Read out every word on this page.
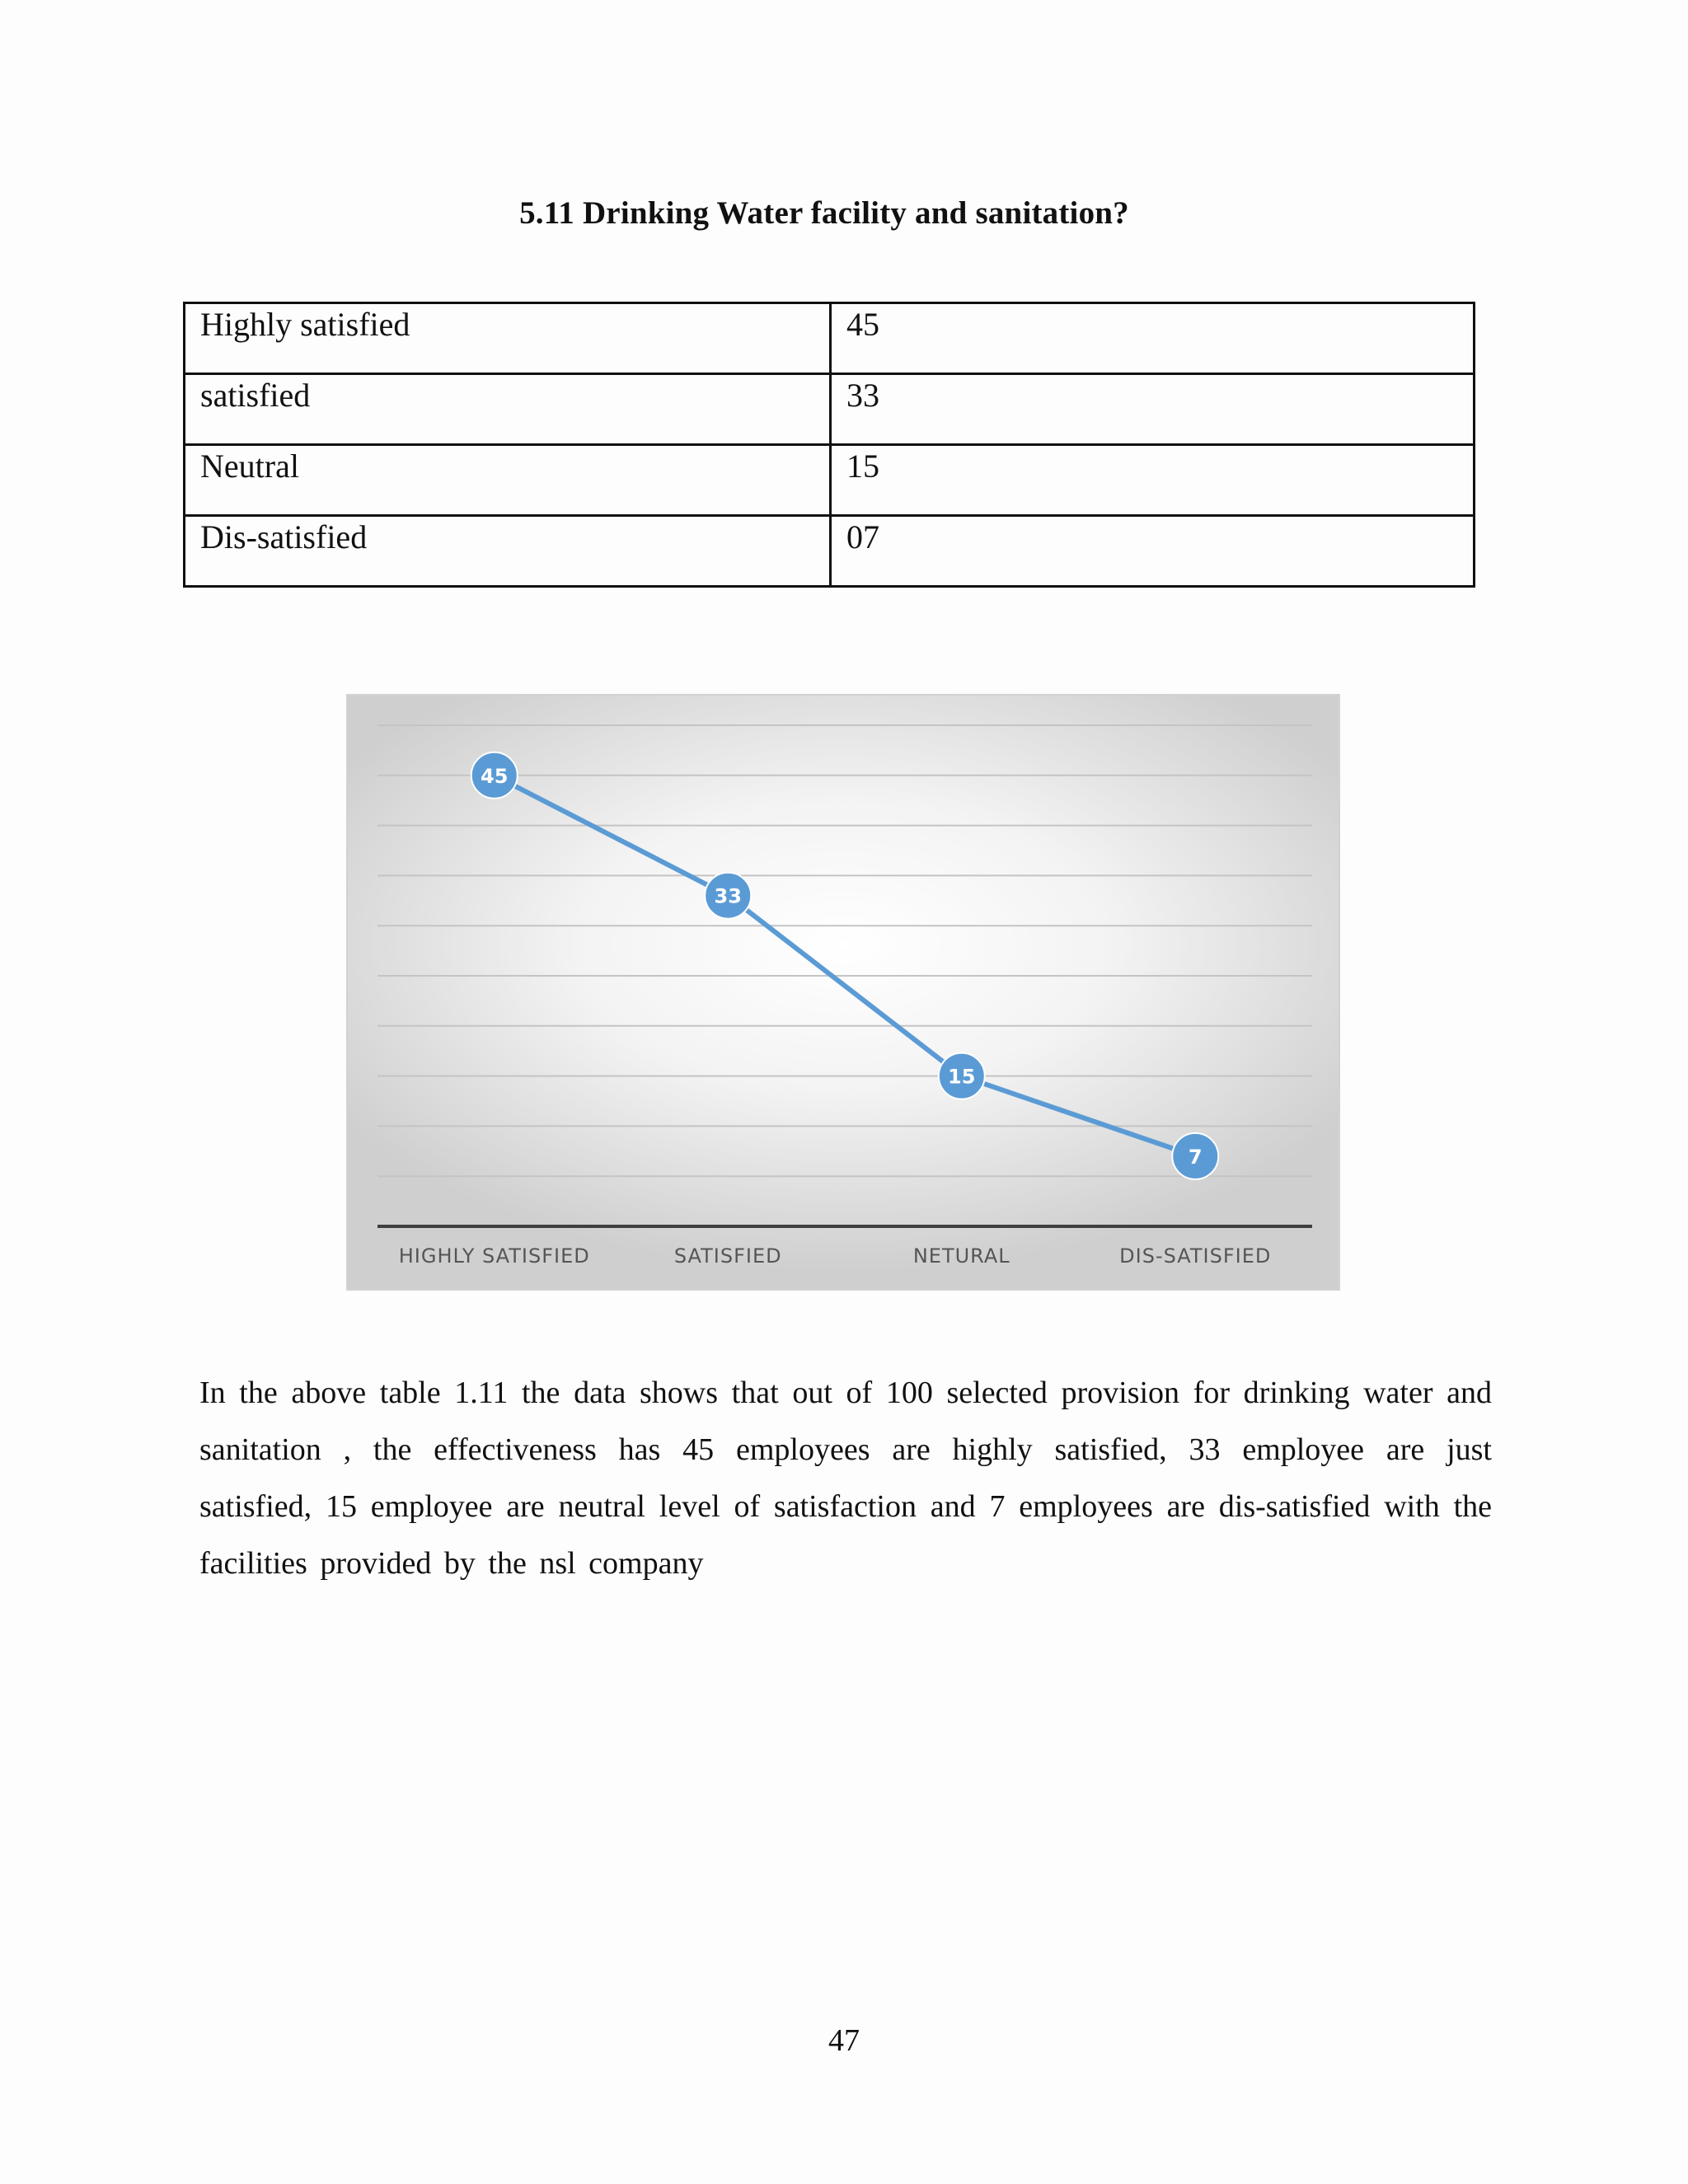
5.11 Drinking Water facility and sanitation?
Highly satisfied	45
satisfied	33
Neutral	15
Dis-satisfied	07
HIGHLY SATISFIED	SATISFIED	NETURAL	DIS-SATISFIED
45
33
15
7
In the above table 1.11 the data shows that out of 100 selected provision for drinking water and sanitation , the effectiveness has 45 employees are highly satisfied, 33 employee are just satisfied, 15 employee are neutral level of satisfaction and 7 employees are dis-satisfied with the facilities provided by the nsl company
47
